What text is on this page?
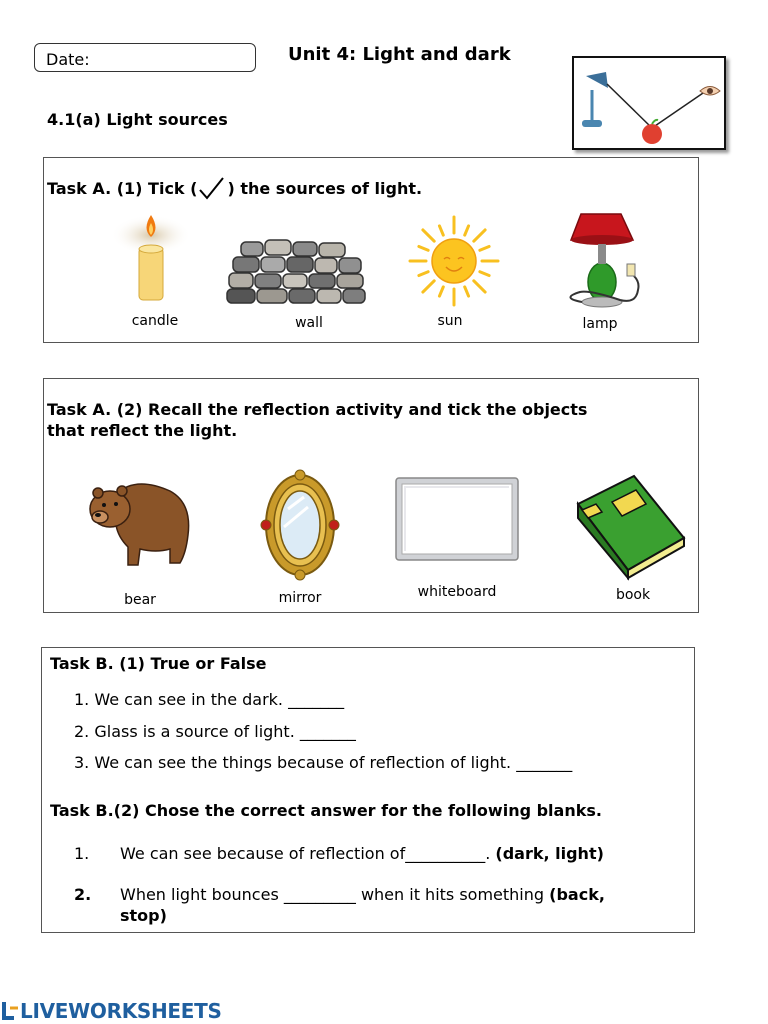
Date:	Unit 4: Light and dark
4.1(a) Light sources
Task A. (1) Tick ( ) the sources of light.
candle	wall	sun	lamp
Task A. (2) Recall the reflection activity and tick the objects
that reflect the light.
bear	mirror	whiteboard	book
Task B. (1) True or False
1. We can see in the dark. _______
2. Glass is a source of light. _______
3. We can see the things because of reflection of light. _______
Task B.(2) Chose the correct answer for the following blanks.
1. We can see because of reflection of__________. (dark, light)
2. When light bounces _________ when it hits something (back,
stop)
LIVEWORKSHEETS
